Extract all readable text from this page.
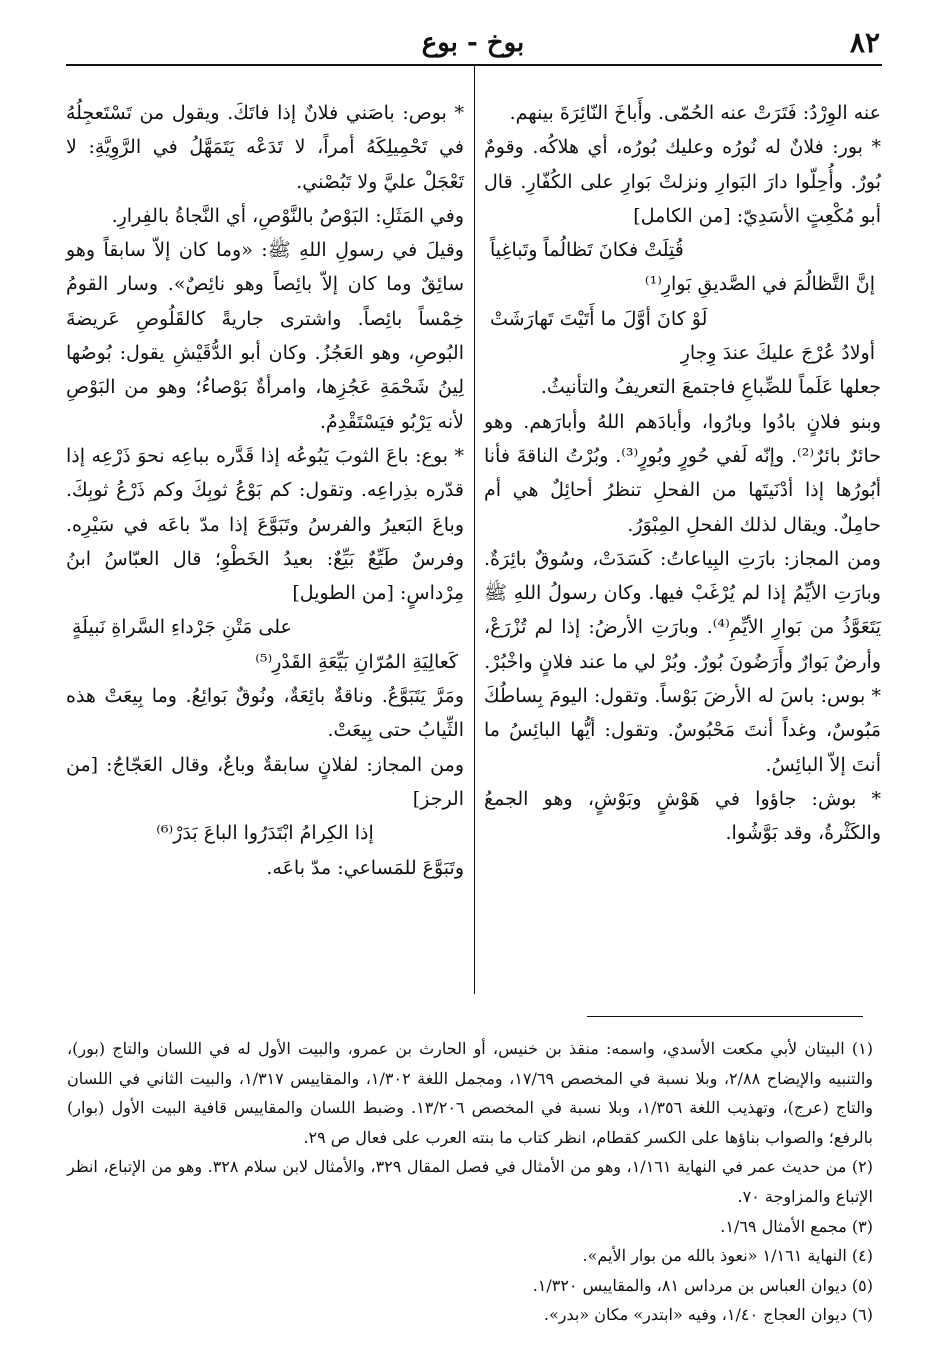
٨٢
بوخ - بوع

عنه الوِرْدُ: فَتَرَتْ عنه الحُمّى. وأَباخَ النّائِرَةَ بينهم.

* بور: فلانٌ له نُورُه وعليك بُورُه، أي هلاكُه. وقومٌ بُورٌ. وأُحِلّوا دارَ البَوارِ ونزلتْ بَوارِ على الكُفّارِ. قال أبو مُكْعِتٍ الأسَدِيّ: [من الكامل]

قُتِلَتْ فكانَ تَظالُماً وتَباغِياً

إنَّ التَّظالُمَ في الصَّديقِ بَوارِ⁽¹⁾

لَوْ كانَ أوَّلَ ما أَتَيْتَ تَهارَشَتْ

أولادُ عُرْجَ عليكَ عندَ وِجارِ

جعلها عَلَماً للضِّباعِ فاجتمعَ التعريفُ والتأنيثُ.

وبنو فلانٍ بادُوا وبارُوا، وأبادَهم اللهُ وأبارَهم. وهو حائرٌ بائرٌ⁽²⁾. وإنّه لَفي حُورٍ وبُورٍ⁽³⁾. وبُرْتُ الناقةَ فأنا أبُورُها إذا أدْنَيتَها من الفحلِ تنظرُ أحائِلٌ هي أم حامِلٌ. ويقال لذلك الفحلِ المِبْوَرُ.

ومن المجاز: بارَتِ البِياعاتُ: كَسَدَتْ، وسُوقٌ بائِرَةٌ. وبارَتِ الأيِّمُ إذا لم يُرْغَبْ فيها. وكان رسولُ اللهِ ﷺ يَتَعَوَّذُ من بَوارِ الأيِّمِ⁽⁴⁾. وبارَتِ الأرضُ: إذا لم تُزْرَعْ، وأرضٌ بَوارٌ وأَرَضُونَ بُورٌ. وبُرْ لي ما عند فلانٍ واخْبُرْ.

* بوس: باسَ له الأرضَ بَوْساً. وتقول: اليومَ بِساطُكَ مَبُوسٌ، وغداً أنتَ مَحْبُوسٌ. وتقول: أيُّها البائِسُ ما أنتَ إلاّ البائِسُ.

* بوش: جاؤوا في هَوْشٍ وبَوْشٍ، وهو الجمعُ والكَثْرةُ، وقد بَوَّشُوا.

* بوص: باصَني فلانٌ إذا فاتَكَ. ويقول من تَسْتَعجِلُهُ في تَحْمِيلِكَهُ أمراً، لا تَدَعْه يَتَمَهَّلُ في الرَّوِيَّةِ: لا تَعْجَلْ عليَّ ولا تَبُصْني.

وفي المَثَلِ: البَوْصُ بالنَّوْصِ، أي النَّجاةُ بالفِرارِ.

وقيلَ في رسولِ اللهِ ﷺ: «وما كان إلاّ سابقاً وهو سائِقٌ وما كان إلاّ بائِصاً وهو نائِصٌ». وسار القومُ خِمْساً بائِصاً. واشترى جاريةً كالقَلُوصِ عَريضةَ البُوصِ، وهو العَجُزُ. وكان أبو الدُّقَيْشِ يقول: بُوصُها لِينُ شَحْمَةِ عَجُزِها، وامرأةٌ بَوْصاءُ؛ وهو من البَوْصِ لأنه يَرْبُو فيَسْتَقْدِمُ.

* بوع: باعَ الثوبَ يَبُوعُه إذا قَدَّره بباعِه نحوَ ذَرْعِه إذا قدّره بذِراعِه. وتقول: كم بَوْعُ ثوبِكَ وكم ذَرْعُ ثوبِكَ. وباعَ البَعيرُ والفرسُ وتَبَوَّعَ إذا مدّ باعَه في سَيْرِه. وفرسٌ طَيِّعٌ بَيِّعٌ: بعيدُ الخَطْوِ؛ قال العبّاسُ ابنُ مِرْداسٍ: [من الطويل]

على مَتْنِ جَرْداءِ السَّراةِ نَبيلَةٍ

كَعالِيَةِ المُرّانِ بَيِّعَةِ القَدْرِ⁽⁵⁾

ومَرَّ يَتَبَوَّعُ. وناقةٌ بائِعَةٌ، ونُوقٌ بَوائِعُ. وما بِيعَتْ هذه الثِّيابُ حتى بِيعَتْ.

ومن المجاز: لفلانٍ سابقةٌ وباعٌ، وقال العَجّاجُ: [من الرجز]

إذا الكِرامُ ابْتَدَرُوا الباعَ بَدَرْ⁽⁶⁾

وتَبَوَّعَ للمَساعي: مدّ باعَه.

(١) البيتان لأبي مكعت الأسدي، واسمه: منقذ بن خنيس، أو الحارث بن عمرو، والبيت الأول له في اللسان والتاج (بور)، والتنبيه والإيضاح ٢/٨٨، وبلا نسبة في المخصص ١٧/٦٩، ومجمل اللغة ١/٣٠٢، والمقاييس ١/٣١٧، والبيت الثاني في اللسان والتاج (عرج)، وتهذيب اللغة ١/٣٥٦، وبلا نسبة في المخصص ١٣/٢٠٦. وضبط اللسان والمقاييس قافية البيت الأول (بوار) بالرفع؛ والصواب بناؤها على الكسر كقطام، انظر كتاب ما بنته العرب على فعال ص ٢٩.

(٢) من حديث عمر في النهاية ١/١٦١، وهو من الأمثال في فصل المقال ٣٢٩، والأمثال لابن سلام ٣٢٨. وهو من الإتباع، انظر الإتباع والمزاوجة ٧٠.

(٣) مجمع الأمثال ١/٦٩.

(٤) النهاية ١/١٦١ «نعوذ بالله من بوار الأيم».

(٥) ديوان العباس بن مرداس ٨١، والمقاييس ١/٣٢٠.

(٦) ديوان العجاج ١/٤٠، وفيه «ابتدر» مكان «بدر».
